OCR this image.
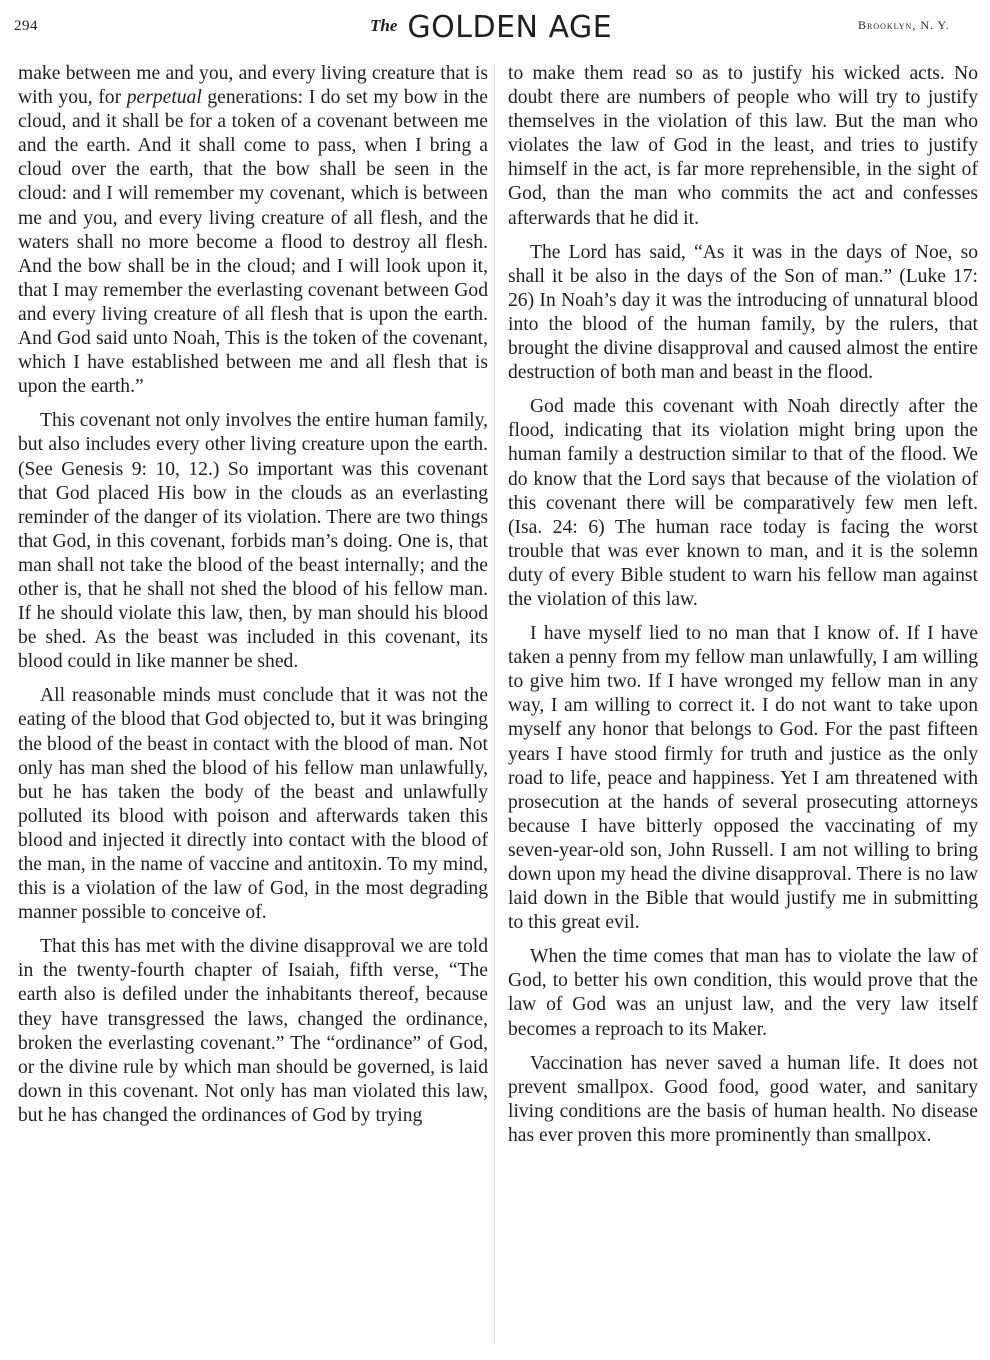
294	The GOLDEN AGE	Brooklyn, N. Y.

make between me and you, and every living creature that is with you, for perpetual generations: I do set my bow in the cloud, and it shall be for a token of a covenant between me and the earth. And it shall come to pass, when I bring a cloud over the earth, that the bow shall be seen in the cloud: and I will remember my covenant, which is between me and you, and every living creature of all flesh, and the waters shall no more become a flood to destroy all flesh. And the bow shall be in the cloud; and I will look upon it, that I may remember the everlasting covenant between God and every living creature of all flesh that is upon the earth. And God said unto Noah, This is the token of the covenant, which I have established between me and all flesh that is upon the earth.”

This covenant not only involves the entire human family, but also includes every other living creature upon the earth. (See Genesis 9: 10, 12.) So important was this covenant that God placed His bow in the clouds as an everlasting reminder of the danger of its violation. There are two things that God, in this covenant, forbids man’s doing. One is, that man shall not take the blood of the beast internally; and the other is, that he shall not shed the blood of his fellow man. If he should violate this law, then, by man should his blood be shed. As the beast was included in this covenant, its blood could in like manner be shed.

All reasonable minds must conclude that it was not the eating of the blood that God objected to, but it was bringing the blood of the beast in contact with the blood of man. Not only has man shed the blood of his fellow man unlawfully, but he has taken the body of the beast and unlawfully polluted its blood with poison and afterwards taken this blood and injected it directly into contact with the blood of the man, in the name of vaccine and antitoxin. To my mind, this is a violation of the law of God, in the most degrading manner possible to conceive of.

That this has met with the divine disapproval we are told in the twenty-fourth chapter of Isaiah, fifth verse, “The earth also is defiled under the inhabitants thereof, because they have transgressed the laws, changed the ordinance, broken the everlasting covenant.” The “ordinance” of God, or the divine rule by which man should be governed, is laid down in this covenant. Not only has man violated this law, but he has changed the ordinances of God by trying

to make them read so as to justify his wicked acts. No doubt there are numbers of people who will try to justify themselves in the violation of this law. But the man who violates the law of God in the least, and tries to justify himself in the act, is far more reprehensible, in the sight of God, than the man who commits the act and confesses afterwards that he did it.

The Lord has said, “As it was in the days of Noe, so shall it be also in the days of the Son of man.” (Luke 17: 26) In Noah’s day it was the introducing of unnatural blood into the blood of the human family, by the rulers, that brought the divine disapproval and caused almost the entire destruction of both man and beast in the flood.

God made this covenant with Noah directly after the flood, indicating that its violation might bring upon the human family a destruction similar to that of the flood. We do know that the Lord says that because of the violation of this covenant there will be comparatively few men left. (Isa. 24: 6) The human race today is facing the worst trouble that was ever known to man, and it is the solemn duty of every Bible student to warn his fellow man against the violation of this law.

I have myself lied to no man that I know of. If I have taken a penny from my fellow man unlawfully, I am willing to give him two. If I have wronged my fellow man in any way, I am willing to correct it. I do not want to take upon myself any honor that belongs to God. For the past fifteen years I have stood firmly for truth and justice as the only road to life, peace and happiness. Yet I am threatened with prosecution at the hands of several prosecuting attorneys because I have bitterly opposed the vaccinating of my seven-year-old son, John Russell. I am not willing to bring down upon my head the divine disapproval. There is no law laid down in the Bible that would justify me in submitting to this great evil.

When the time comes that man has to violate the law of God, to better his own condition, this would prove that the law of God was an unjust law, and the very law itself becomes a reproach to its Maker.

Vaccination has never saved a human life. It does not prevent smallpox. Good food, good water, and sanitary living conditions are the basis of human health. No disease has ever proven this more prominently than smallpox.
